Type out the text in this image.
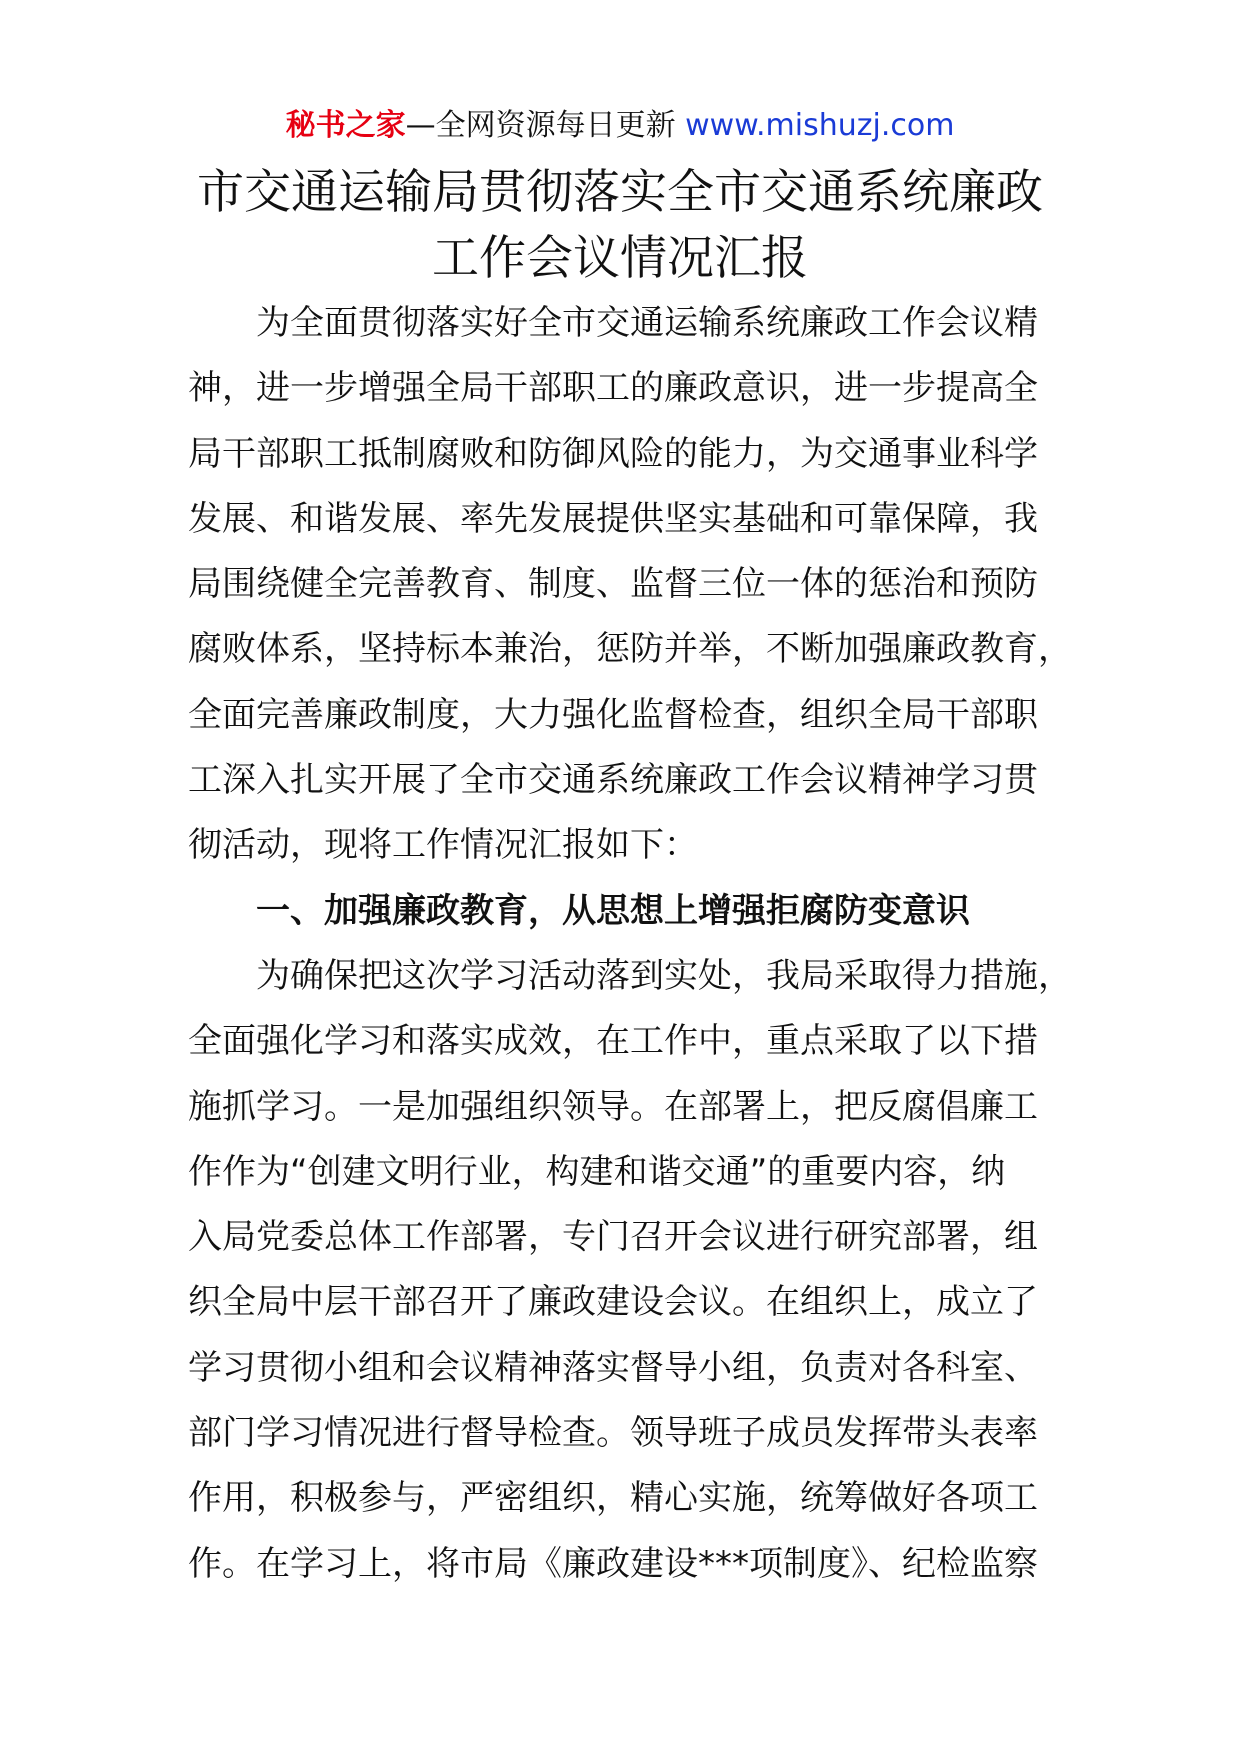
秘书之家—全网资源每日更新 www.mishuzj.com
市交通运输局贯彻落实全市交通系统廉政
工作会议情况汇报
为全面贯彻落实好全市交通运输系统廉政工作会议精
神，进一步增强全局干部职工的廉政意识，进一步提高全
局干部职工抵制腐败和防御风险的能力，为交通事业科学
发展、和谐发展、率先发展提供坚实基础和可靠保障，我
局围绕健全完善教育、制度、监督三位一体的惩治和预防
腐败体系，坚持标本兼治，惩防并举，不断加强廉政教育，
全面完善廉政制度，大力强化监督检查，组织全局干部职
工深入扎实开展了全市交通系统廉政工作会议精神学习贯
彻活动，现将工作情况汇报如下：
一、加强廉政教育，从思想上增强拒腐防变意识
为确保把这次学习活动落到实处，我局采取得力措施，
全面强化学习和落实成效，在工作中，重点采取了以下措
施抓学习。一是加强组织领导。在部署上，把反腐倡廉工
作作为“创建文明行业，构建和谐交通”的重要内容，纳
入局党委总体工作部署，专门召开会议进行研究部署，组
织全局中层干部召开了廉政建设会议。在组织上，成立了
学习贯彻小组和会议精神落实督导小组，负责对各科室、
部门学习情况进行督导检查。领导班子成员发挥带头表率
作用，积极参与，严密组织，精心实施，统筹做好各项工
作。在学习上，将市局《廉政建设***项制度》、纪检监察
